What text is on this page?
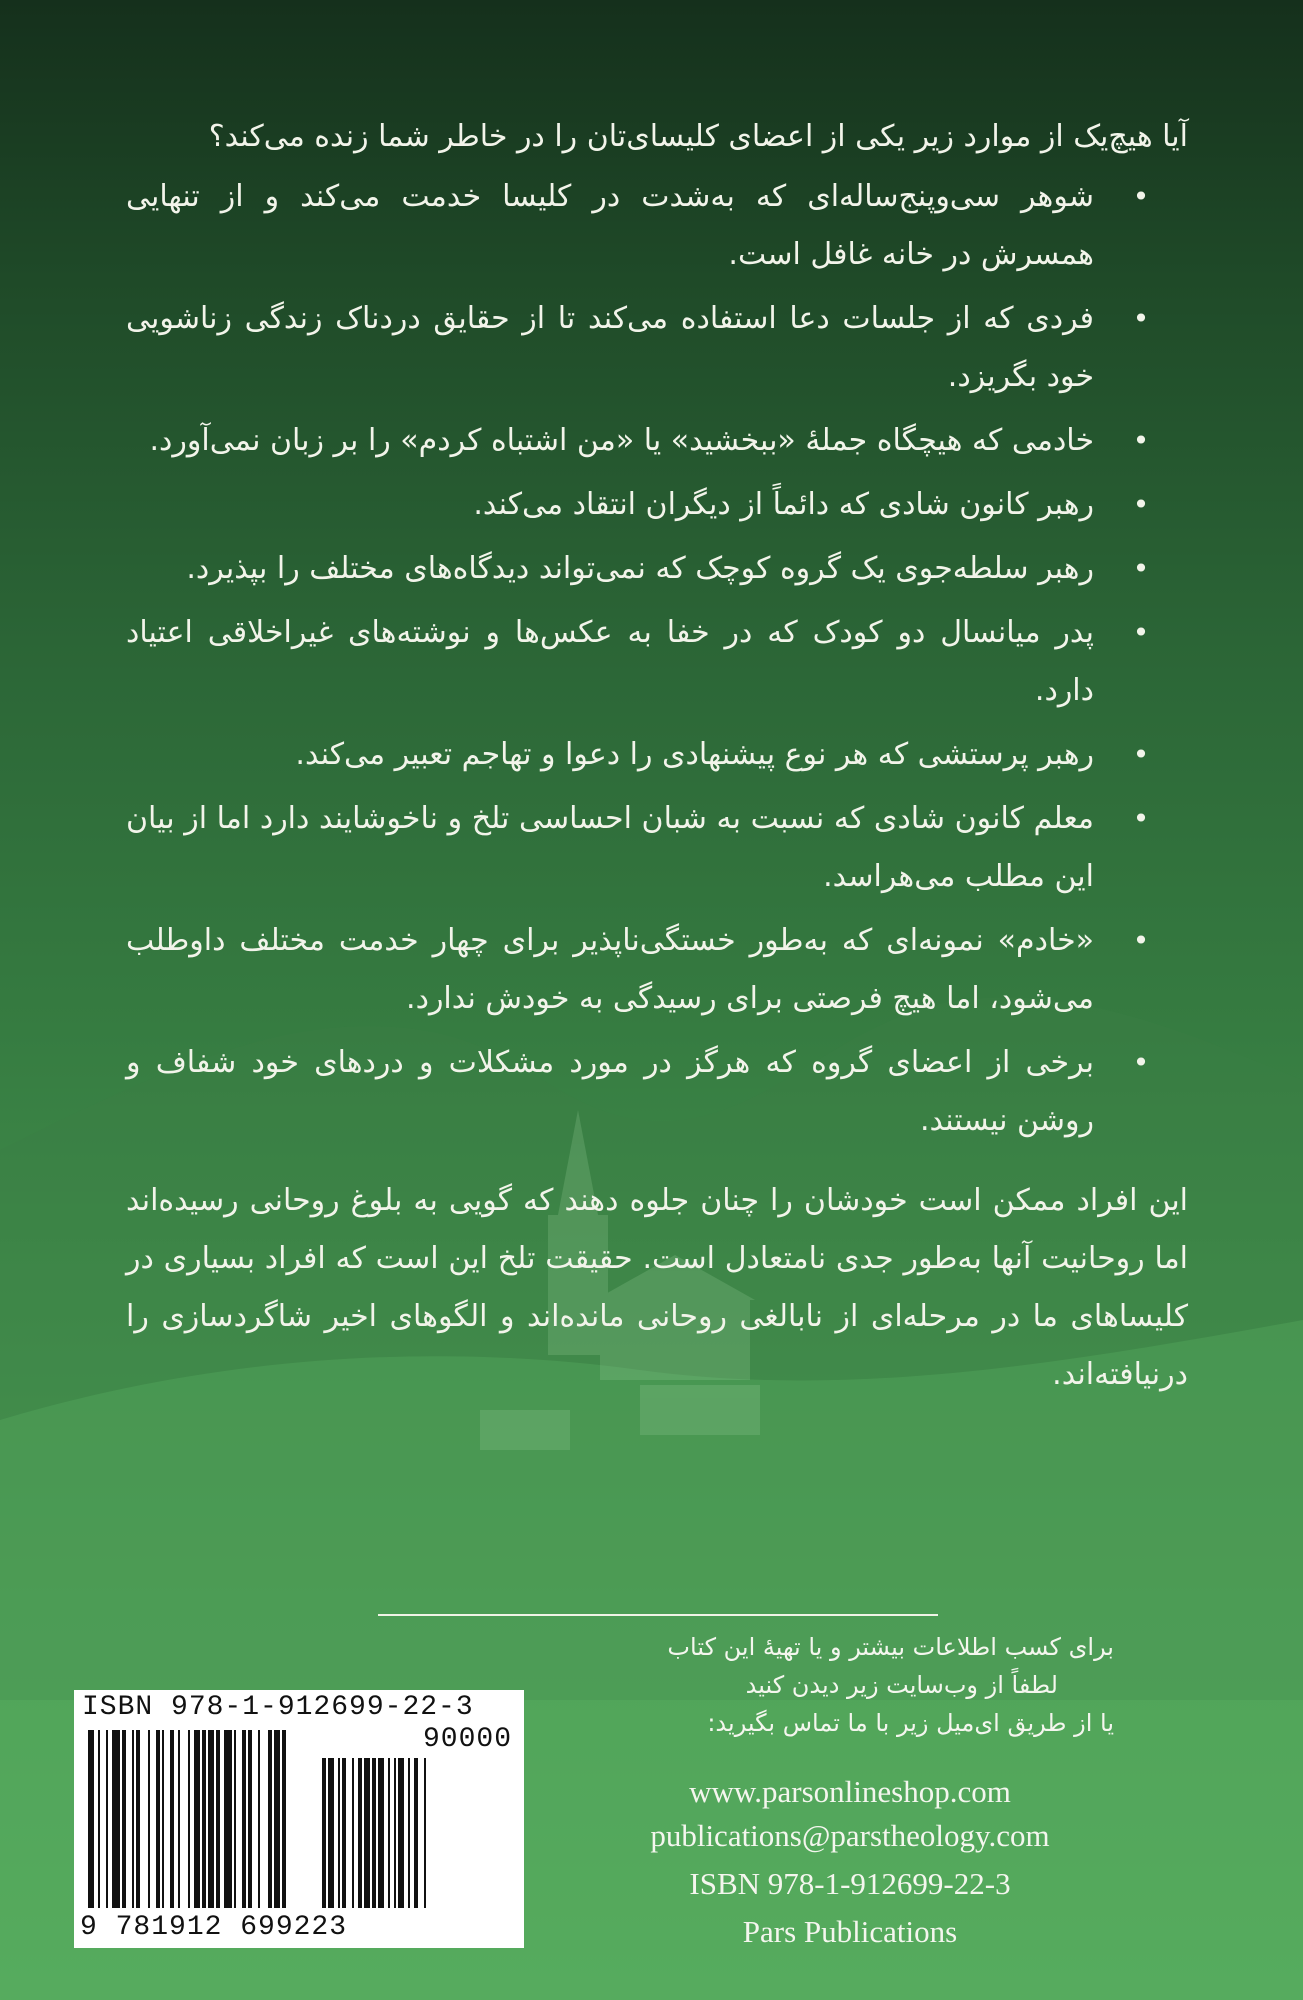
آیا هیچ‌یک از موارد زیر یکی از اعضای کلیسای‌تان را در خاطر شما زنده می‌کند؟

•
شوهر سی‌وپنج‌ساله‌ای که به‌شدت در کلیسا خدمت می‌کند و از تنهایی همسرش در خانه غافل است.
•
فردی که از جلسات دعا استفاده می‌کند تا از حقایق دردناک زندگی زناشویی خود بگریزد.
•
خادمی که هیچگاه جملۀ «ببخشید» یا «من اشتباه کردم» را بر زبان نمی‌آورد.
•
رهبر کانون شادی که دائماً از دیگران انتقاد می‌کند.
•
رهبر سلطه‌جوی یک گروه کوچک که نمی‌تواند دیدگاه‌های مختلف را بپذیرد.
•
پدر میانسال دو کودک که در خفا به عکس‌ها و نوشته‌های غیراخلاقی اعتیاد دارد.
•
رهبر پرستشی که هر نوع پیشنهادی را دعوا و تهاجم تعبیر می‌کند.
•
معلم کانون شادی که نسبت به شبان احساسی تلخ و ناخوشایند دارد اما از بیان این مطلب می‌هراسد.
•
«خادم» نمونه‌ای که به‌طور خستگی‌ناپذیر برای چهار خدمت مختلف داوطلب می‌شود، اما هیچ فرصتی برای رسیدگی به خودش ندارد.
•
برخی از اعضای گروه که هرگز در مورد مشکلات و دردهای خود شفاف و روشن نیستند.

این افراد ممکن است خودشان را چنان جلوه دهند که گویی به بلوغ روحانی رسیده‌اند اما روحانیت آنها به‌طور جدی نامتعادل است. حقیقت تلخ این است که افراد بسیاری در کلیساهای ما در مرحله‌ای از نابالغی روحانی مانده‌اند و الگوهای اخیر شاگردسازی را درنیافته‌اند.

برای کسب اطلاعات بیشتر و یا تهیۀ این کتاب
لطفاً از وب‌سایت زیر دیدن کنید
یا از طریق ای‌میل زیر با ما تماس بگیرید:
www.parsonlineshop.com
publications@parstheology.com
ISBN 978-1-912699-22-3
Pars Publications
ISBN 978-1-912699-22-3
90000
9 781912 699223
